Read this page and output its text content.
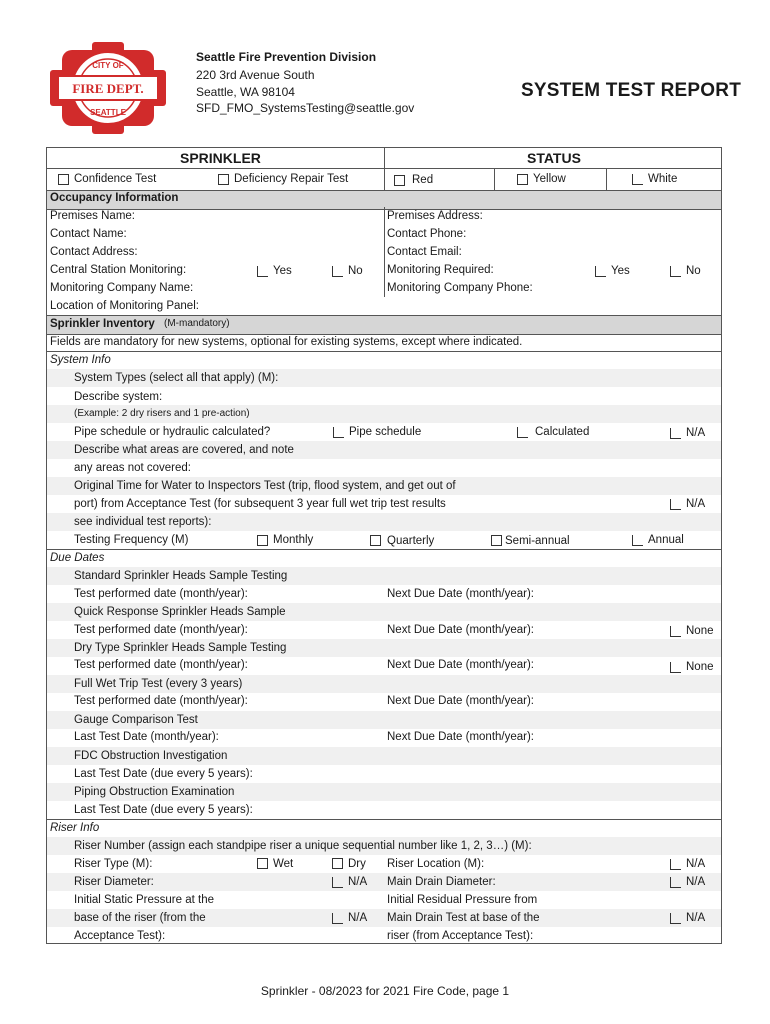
FIRE DEPT.
CITY OF
SEATTLE
Seattle Fire Prevention Division
220 3rd Avenue South
Seattle, WA 98104
SFD_FMO_SystemsTesting@seattle.gov
SYSTEM TEST REPORT
SPRINKLER	STATUS
Confidence Test	Deficiency Repair Test	Red	Yellow	White
Occupancy Information
Premises Name:	Premises Address:
Contact Name:	Contact Phone:
Contact Address:	Contact Email:
Central Station Monitoring:	Yes	No Monitoring Required:	Yes	No
Monitoring Company Name:	Monitoring Company Phone:
Location of Monitoring Panel:
Sprinkler Inventory (M-mandatory)
Fields are mandatory for new systems, optional for existing systems, except where indicated.
System Info
System Types (select all that apply) (M):
Describe system:
(Example: 2 dry risers and 1 pre-action)
Pipe schedule or hydraulic calculated?	Pipe schedule	Calculated	N/A
Describe what areas are covered, and note
any areas not covered:
Original Time for Water to Inspectors Test (trip, flood system, and get out of
port) from Acceptance Test (for subsequent 3 year full wet trip test results	N/A
see individual test reports):
Testing Frequency (M)	Monthly	Quarterly	Semi-annual	Annual
Due Dates
Standard Sprinkler Heads Sample Testing
Test performed date (month/year):	Next Due Date (month/year):
Quick Response Sprinkler Heads Sample
Test performed date (month/year):	Next Due Date (month/year):	None
Dry Type Sprinkler Heads Sample Testing
Test performed date (month/year):	Next Due Date (month/year):	None
Full Wet Trip Test (every 3 years)
Test performed date (month/year):	Next Due Date (month/year):
Gauge Comparison Test
Last Test Date (month/year):	Next Due Date (month/year):
FDC Obstruction Investigation
Last Test Date (due every 5 years):
Piping Obstruction Examination
Last Test Date (due every 5 years):
Riser Info
Riser Number (assign each standpipe riser a unique sequential number like 1, 2, 3…) (M):
Riser Type (M):	Wet	Dry Riser Location (M):	N/A
Riser Diameter:	N/A Main Drain Diameter:	N/A
Initial Static Pressure at the	Initial Residual Pressure from
base of the riser (from the	N/A Main Drain Test at base of the	N/A
Acceptance Test):	riser (from Acceptance Test):
Sprinkler - 08/2023 for 2021 Fire Code, page 1
